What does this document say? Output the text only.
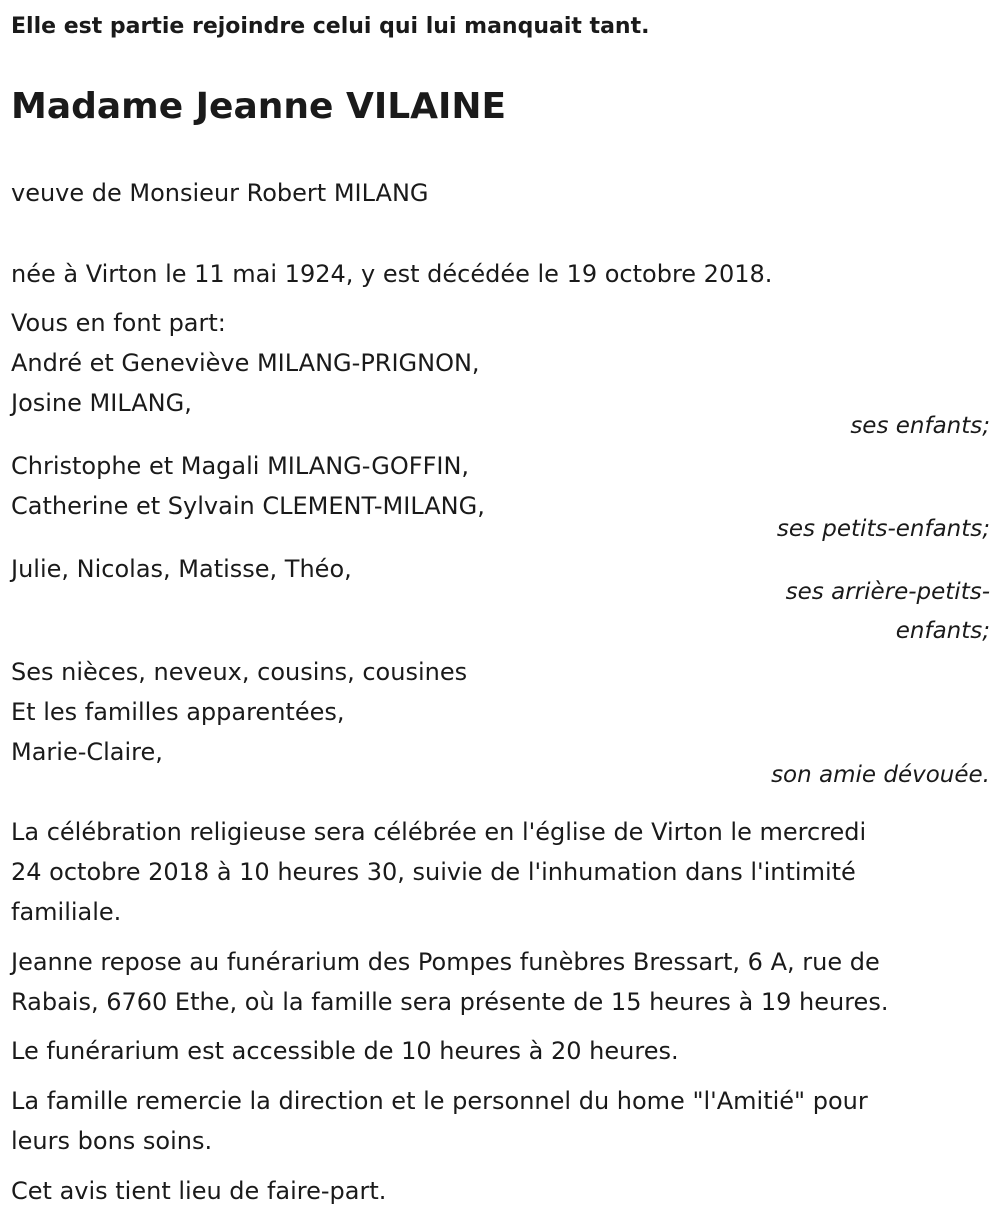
Elle est partie rejoindre celui qui lui manquait tant.
Madame Jeanne VILAINE
veuve de Monsieur Robert MILANG
née à Virton le 11 mai 1924, y est décédée le 19 octobre 2018.
Vous en font part:
André et Geneviève MILANG-PRIGNON,
Josine MILANG,
ses enfants;
Christophe et Magali MILANG-GOFFIN,
Catherine et Sylvain CLEMENT-MILANG,
ses petits-enfants;
Julie, Nicolas, Matisse, Théo,
ses arrière-petits-
enfants;
Ses nièces, neveux, cousins, cousines
Et les familles apparentées,
Marie-Claire,
son amie dévouée.
La célébration religieuse sera célébrée en l'église de Virton le mercredi
24 octobre 2018 à 10 heures 30, suivie de l'inhumation dans l'intimité
familiale.
Jeanne repose au funérarium des Pompes funèbres Bressart, 6 A, rue de
Rabais, 6760 Ethe, où la famille sera présente de 15 heures à 19 heures.
Le funérarium est accessible de 10 heures à 20 heures.
La famille remercie la direction et le personnel du home "l'Amitié" pour
leurs bons soins.
Cet avis tient lieu de faire-part.
